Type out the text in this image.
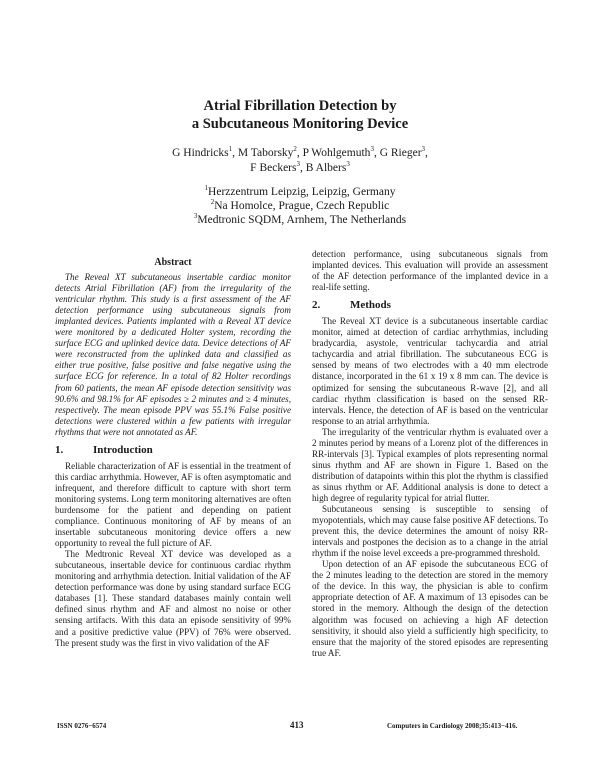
Atrial Fibrillation Detection by
a Subcutaneous Monitoring Device
G Hindricks$^1$, M Taborsky$^2$, P Wohlgemuth$^3$, G Rieger$^3$,
F Beckers$^3$, B Albers$^3$
$^1$Herzzentrum Leipzig, Leipzig, Germany
$^2$Na Homolce, Prague, Czech Republic
$^3$Medtronic SQDM, Arnhem, The Netherlands
Abstract

The Reveal XT subcutaneous insertable cardiac monitor detects Atrial Fibrillation (AF) from the irregularity of the ventricular rhythm. This study is a first assessment of the AF detection performance using subcutaneous signals from implanted devices. Patients implanted with a Reveal XT device were monitored by a dedicated Holter system, recording the surface ECG and uplinked device data. Device detections of AF were reconstructed from the uplinked data and classified as either true positive, false positive and false negative using the surface ECG for reference. In a total of 82 Holter recordings from 60 patients, the mean AF episode detection sensitivity was 90.6% and 98.1% for AF episodes ≥ 2 minutes and ≥ 4 minutes, respectively. The mean episode PPV was 55.1% False positive detections were clustered within a few patients with irregular rhythms that were not annotated as AF.

1.	Introduction

Reliable characterization of AF is essential in the treatment of this cardiac arrhythmia. However, AF is often asymptomatic and infrequent, and therefore difficult to capture with short term monitoring systems. Long term monitoring alternatives are often burdensome for the patient and depending on patient compliance. Continuous monitoring of AF by means of an insertable subcutaneous monitoring device offers a new opportunity to reveal the full picture of AF.

The Medtronic Reveal XT device was developed as a subcutaneous, insertable device for continuous cardiac rhythm monitoring and arrhythmia detection. Initial validation of the AF detection performance was done by using standard surface ECG databases [1]. These standard databases mainly contain well defined sinus rhythm and AF and almost no noise or other sensing artifacts. With this data an episode sensitivity of 99% and a positive predictive value (PPV) of 76% were observed. The present study was the first in vivo validation of the AF

detection performance, using subcutaneous signals from implanted devices. This evaluation will provide an assessment of the AF detection performance of the implanted device in a real-life setting.

2.	Methods

The Reveal XT device is a subcutaneous insertable cardiac monitor, aimed at detection of cardiac arrhythmias, including bradycardia, asystole, ventricular tachycardia and atrial tachycardia and atrial fibrillation. The subcutaneous ECG is sensed by means of two electrodes with a 40 mm electrode distance, incorporated in the 61 x 19 x 8 mm can. The device is optimized for sensing the subcutaneous R-wave [2], and all cardiac rhythm classification is based on the sensed RR-intervals. Hence, the detection of AF is based on the ventricular response to an atrial arrhythmia.

The irregularity of the ventricular rhythm is evaluated over a 2 minutes period by means of a Lorenz plot of the differences in RR-intervals [3]. Typical examples of plots representing normal sinus rhythm and AF are shown in Figure 1. Based on the distribution of datapoints within this plot the rhythm is classified as sinus rhythm or AF. Additional analysis is done to detect a high degree of regularity typical for atrial flutter.

Subcutaneous sensing is susceptible to sensing of myopotentials, which may cause false positive AF detections. To prevent this, the device determines the amount of noisy RR-intervals and postpones the decision as to a change in the atrial rhythm if the noise level exceeds a pre-programmed threshold.

Upon detection of an AF episode the subcutaneous ECG of the 2 minutes leading to the detection are stored in the memory of the device. In this way, the physician is able to confirm appropriate detection of AF. A maximum of 13 episodes can be stored in the memory. Although the design of the detection algorithm was focused on achieving a high AF detection sensitivity, it should also yield a sufficiently high specificity, to ensure that the majority of the stored episodes are representing true AF.

ISSN 0276−6574	413	Computers in Cardiology 2008;35:413−416.
